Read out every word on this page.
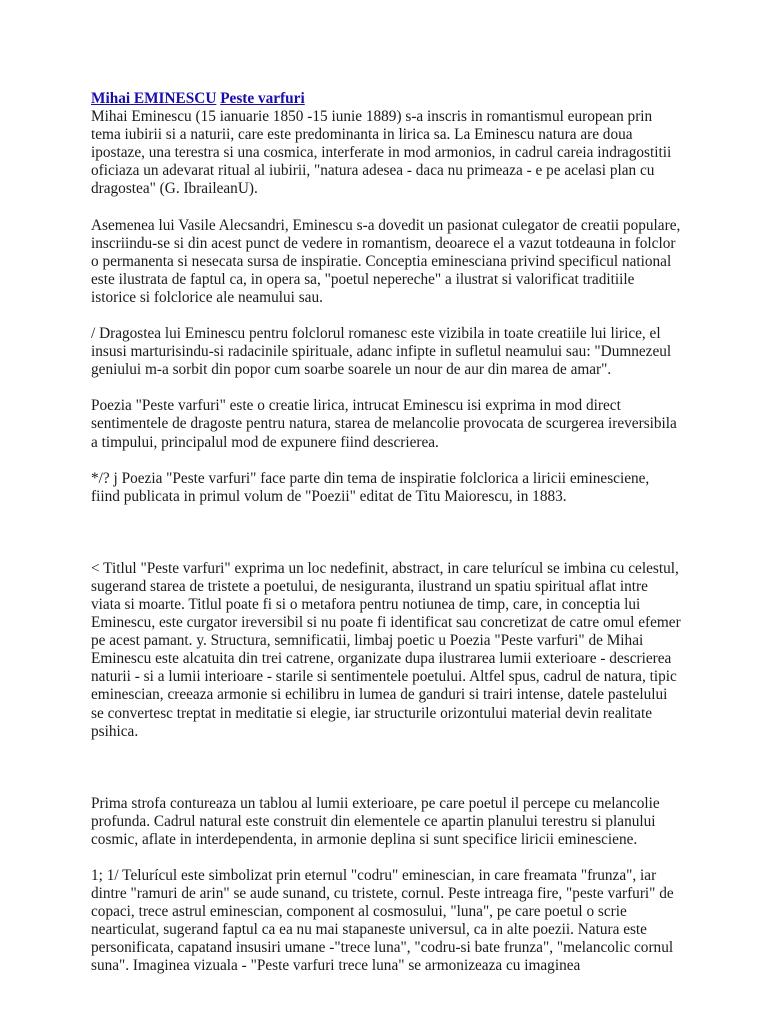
Mihai EMINESCU Peste varfuri
Mihai Eminescu (15 ianuarie 1850 -15 iunie 1889) s-a inscris in romantismul european prin tema iubirii si a naturii, care este predominanta in lirica sa. La Eminescu natura are doua ipostaze, una terestra si una cosmica, interferate in mod armonios, in cadrul careia indragostitii oficiaza un adevarat ritual al iubirii, "natura adesea - daca nu primeaza - e pe acelasi plan cu dragostea" (G. IbraileanU).

Asemenea lui Vasile Alecsandri, Eminescu s-a dovedit un pasionat culegator de creatii populare, inscriindu-se si din acest punct de vedere in romantism, deoarece el a vazut totdeauna in folclor o permanenta si nesecata sursa de inspiratie. Conceptia eminesciana privind specificul national este ilustrata de faptul ca, in opera sa, "poetul nepereche" a ilustrat si valorificat traditiile istorice si folclorice ale neamului sau.

/ Dragostea lui Eminescu pentru folclorul romanesc este vizibila in toate creatiile lui lirice, el insusi marturisindu-si radacinile spirituale, adanc infipte in sufletul neamului sau: "Dumnezeul geniului m-a sorbit din popor cum soarbe soarele un nour de aur din marea de amar".

Poezia "Peste varfuri" este o creatie lirica, intrucat Eminescu isi exprima in mod direct sentimentele de dragoste pentru natura, starea de melancolie provocata de scurgerea ireversibila a timpului, principalul mod de expunere fiind descrierea.

*/? j Poezia "Peste varfuri" face parte din tema de inspiratie folclorica a liricii eminesciene, fiind publicata in primul volum de "Poezii" editat de Titu Maiorescu, in 1883.

< Titlul "Peste varfuri" exprima un loc nedefinit, abstract, in care telurícul se imbina cu celestul, sugerand starea de tristete a poetului, de nesiguranta, ilustrand un spatiu spiritual aflat intre viata si moarte. Titlul poate fi si o metafora pentru notiunea de timp, care, in conceptia lui Eminescu, este curgator ireversibil si nu poate fi identificat sau concretizat de catre omul efemer pe acest pamant. y. Structura, semnificatii, limbaj poetic u Poezia "Peste varfuri" de Mihai Eminescu este alcatuita din trei catrene, organizate dupa ilustrarea lumii exterioare - descrierea naturii - si a lumii interioare - starile si sentimentele poetului. Altfel spus, cadrul de natura, tipic eminescian, creeaza armonie si echilibru in lumea de ganduri si trairi intense, datele pastelului se convertesc treptat in meditatie si elegie, iar structurile orizontului material devin realitate psihica.

Prima strofa contureaza un tablou al lumii exterioare, pe care poetul il percepe cu melancolie profunda. Cadrul natural este construit din elementele ce apartin planului terestru si planului cosmic, aflate in interdependenta, in armonie deplina si sunt specifice liricii eminesciene.

1; 1/ Telurícul este simbolizat prin eternul "codru" eminescian, in care freamata "frunza", iar dintre "ramuri de arin" se aude sunand, cu tristete, cornul. Peste intreaga fire, "peste varfuri" de copaci, trece astrul eminescian, component al cosmosului, "luna", pe care poetul o scrie nearticulat, sugerand faptul ca ea nu mai stapaneste universul, ca in alte poezii. Natura este personificata, capatand insusiri umane -"trece luna", "codru-si bate frunza", "melancolic cornul suna". Imaginea vizuala - "Peste varfuri trece luna" se armonizeaza cu imaginea
